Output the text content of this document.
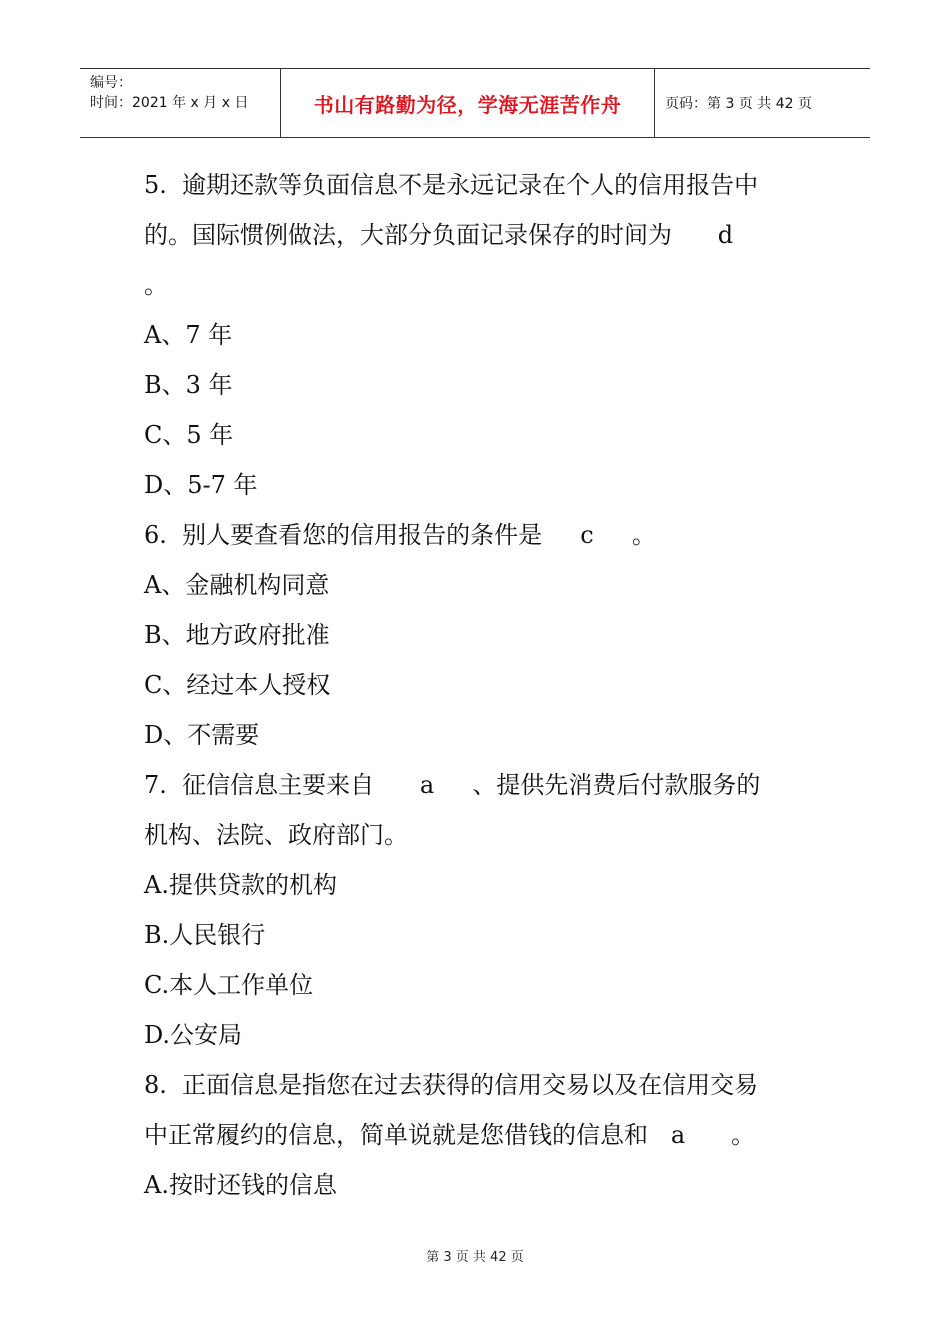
编号：
时间：2021 年 x 月 x 日	书山有路勤为径，学海无涯苦作舟	页码：第 3 页 共 42 页
5.  逾期还款等负面信息不是永远记录在个人的信用报告中
的。国际惯例做法，大部分负面记录保存的时间为      d
。
A、7 年
B、3 年
C、5 年
D、5-7 年
6.  别人要查看您的信用报告的条件是     c     。
A、金融机构同意
B、地方政府批准
C、经过本人授权
D、不需要
7.  征信信息主要来自      a     、提供先消费后付款服务的
机构、法院、政府部门。
A.提供贷款的机构
B.人民银行
C.本人工作单位
D.公安局
8.  正面信息是指您在过去获得的信用交易以及在信用交易
中正常履约的信息，简单说就是您借钱的信息和   a      。
A.按时还钱的信息
第 3 页 共 42 页
